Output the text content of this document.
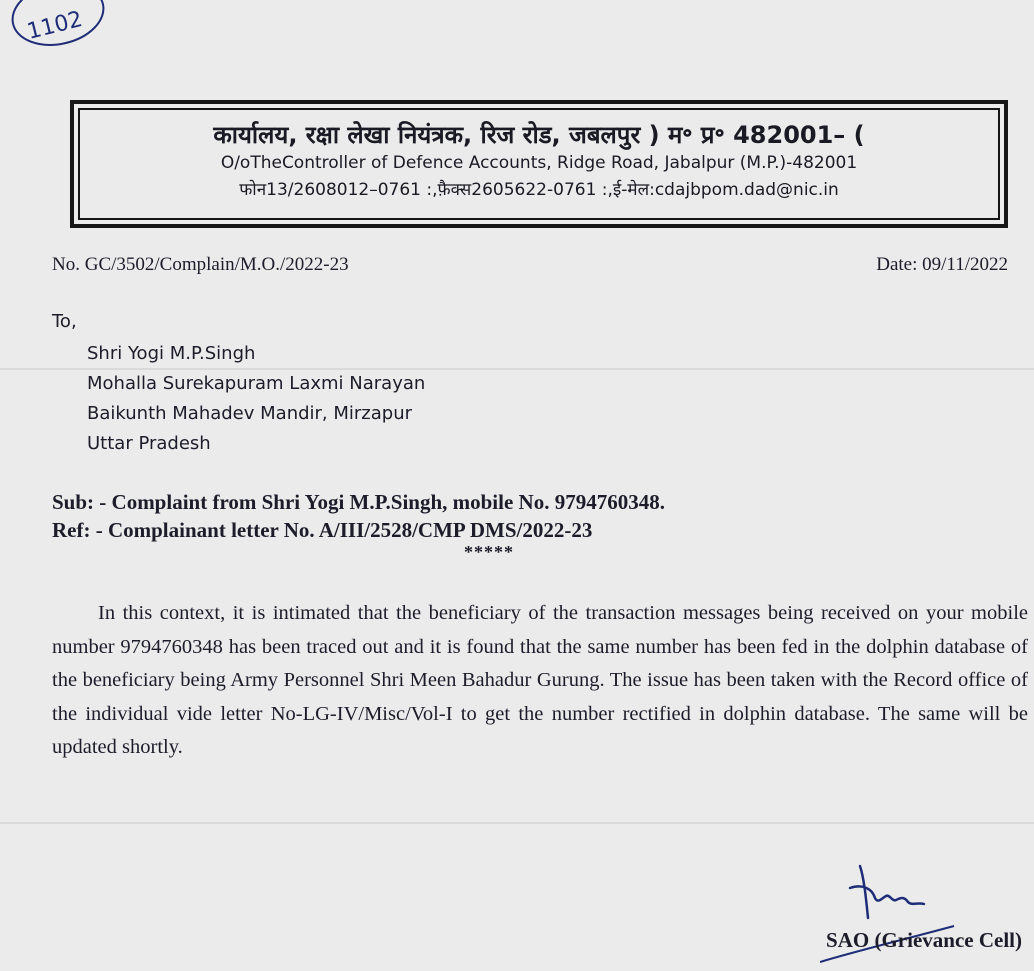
1102
कार्यालय, रक्षा लेखा नियंत्रक, रिज रोड, जबलपुर ) म॰ प्र॰ 482001– (
O/oTheController of Defence Accounts, Ridge Road, Jabalpur (M.P.)-482001
फोन13/2608012–0761 :,फ़ैक्स2605622-0761 :,ई-मेल:cdajbpom.dad@nic.in
No. GC/3502/Complain/M.O./2022-23	Date: 09/11/2022
To,
Shri Yogi M.P.Singh
Mohalla Surekapuram Laxmi Narayan
Baikunth Mahadev Mandir, Mirzapur
Uttar Pradesh
Sub: - Complaint from Shri Yogi M.P.Singh, mobile No. 9794760348.
Ref: - Complainant letter No. A/III/2528/CMP DMS/2022-23
*****
In this context, it is intimated that the beneficiary of the transaction messages being received on your mobile number 9794760348 has been traced out and it is found that the same number has been fed in the dolphin database of the beneficiary being Army Personnel Shri Meen Bahadur Gurung. The issue has been taken with the Record office of the individual vide letter No-LG-IV/Misc/Vol-I to get the number rectified in dolphin database. The same will be updated shortly.
SAO (Grievance Cell)
